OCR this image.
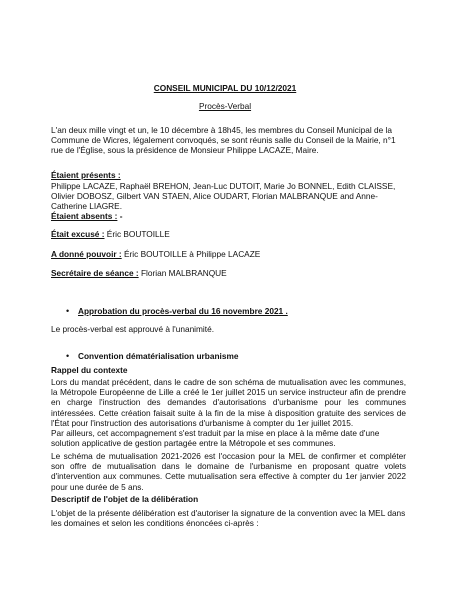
CONSEIL MUNICIPAL DU 10/12/2021
Procès-Verbal
L'an deux mille vingt et un, le 10 décembre à 18h45, les membres du Conseil Municipal de la Commune de Wicres, légalement convoqués, se sont réunis salle du Conseil de la Mairie, n°1 rue de l'Église, sous la présidence de Monsieur Philippe LACAZE, Maire.
Étaient présents :
Philippe LACAZE, Raphaël BREHON, Jean-Luc DUTOIT, Marie Jo BONNEL, Edith CLAISSE, Olivier DOBOSZ, Gilbert VAN STAEN, Alice OUDART, Florian MALBRANQUE and Anne-Catherine LIAGRE.
Étaient absents : -
Était excusé : Éric BOUTOILLE
A donné pouvoir : Éric BOUTOILLE à Philippe LACAZE
Secrétaire de séance : Florian MALBRANQUE
• Approbation du procès-verbal du 16 novembre 2021 .
Le procès-verbal est approuvé à l'unanimité.
• Convention dématérialisation urbanisme
Rappel du contexte
Lors du mandat précédent, dans le cadre de son schéma de mutualisation avec les communes, la Métropole Européenne de Lille a créé le 1er juillet 2015 un service instructeur afin de prendre en charge l'instruction des demandes d'autorisations d'urbanisme pour les communes intéressées. Cette création faisait suite à la fin de la mise à disposition gratuite des services de l'État pour l'instruction des autorisations d'urbanisme à compter du 1er juillet 2015.
Par ailleurs, cet accompagnement s'est traduit par la mise en place à la même date d'une solution applicative de gestion partagée entre la Métropole et ses communes.
Le schéma de mutualisation 2021-2026 est l'occasion pour la MEL de confirmer et compléter son offre de mutualisation dans le domaine de l'urbanisme en proposant quatre volets d'intervention aux communes. Cette mutualisation sera effective à compter du 1er janvier 2022 pour une durée de 5 ans.
Descriptif de l'objet de la délibération
L'objet de la présente délibération est d'autoriser la signature de la convention avec la MEL dans les domaines et selon les conditions énoncées ci-après :
